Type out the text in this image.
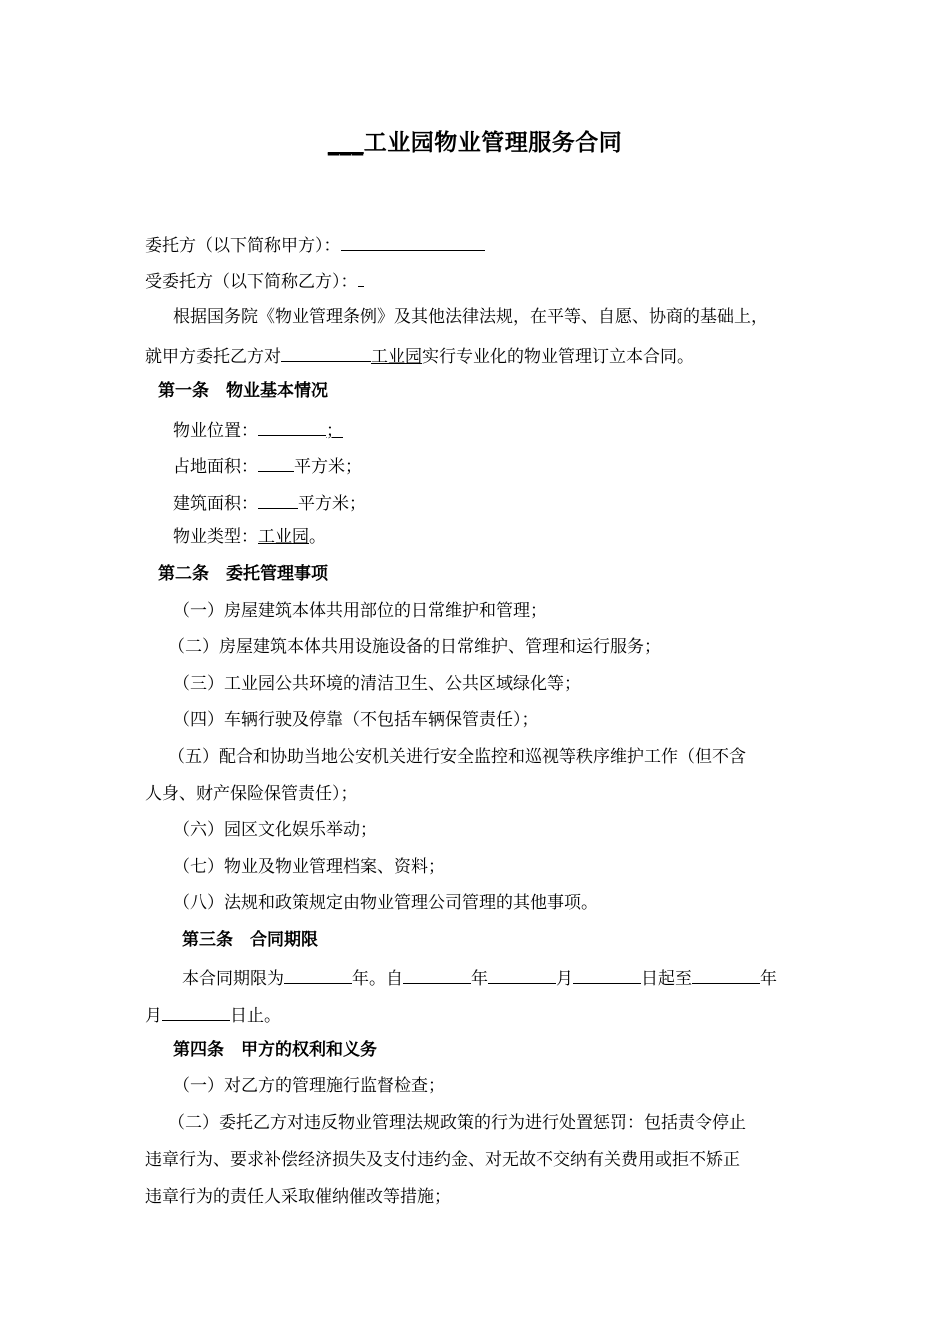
___工业园物业管理服务合同
委托方（以下简称甲方）：
受委托方（以下简称乙方）：
根据国务院《物业管理条例》及其他法律法规，在平等、自愿、协商的基础上，
就甲方委托乙方对	工业园实行专业化的物业管理订立本合同。
第一条　物业基本情况
物业位置：	；
占地面积： 平方米；
建筑面积： 平方米；
物业类型：工业园。
第二条　委托管理事项
（一）房屋建筑本体共用部位的日常维护和管理；
（二）房屋建筑本体共用设施设备的日常维护、管理和运行服务；
（三）工业园公共环境的清洁卫生、公共区域绿化等；
（四）车辆行驶及停靠（不包括车辆保管责任）；
（五）配合和协助当地公安机关进行安全监控和巡视等秩序维护工作（但不含
人身、财产保险保管责任）；
（六）园区文化娱乐举动；
（七）物业及物业管理档案、资料；
（八）法规和政策规定由物业管理公司管理的其他事项。
第三条　合同期限
本合同期限为	年。自	年	月	日起至	年
月	日止。
第四条　甲方的权利和义务
（一）对乙方的管理施行监督检查；
（二）委托乙方对违反物业管理法规政策的行为进行处置惩罚：包括责令停止
违章行为、要求补偿经济损失及支付违约金、对无故不交纳有关费用或拒不矫正
违章行为的责任人采取催纳催改等措施；
